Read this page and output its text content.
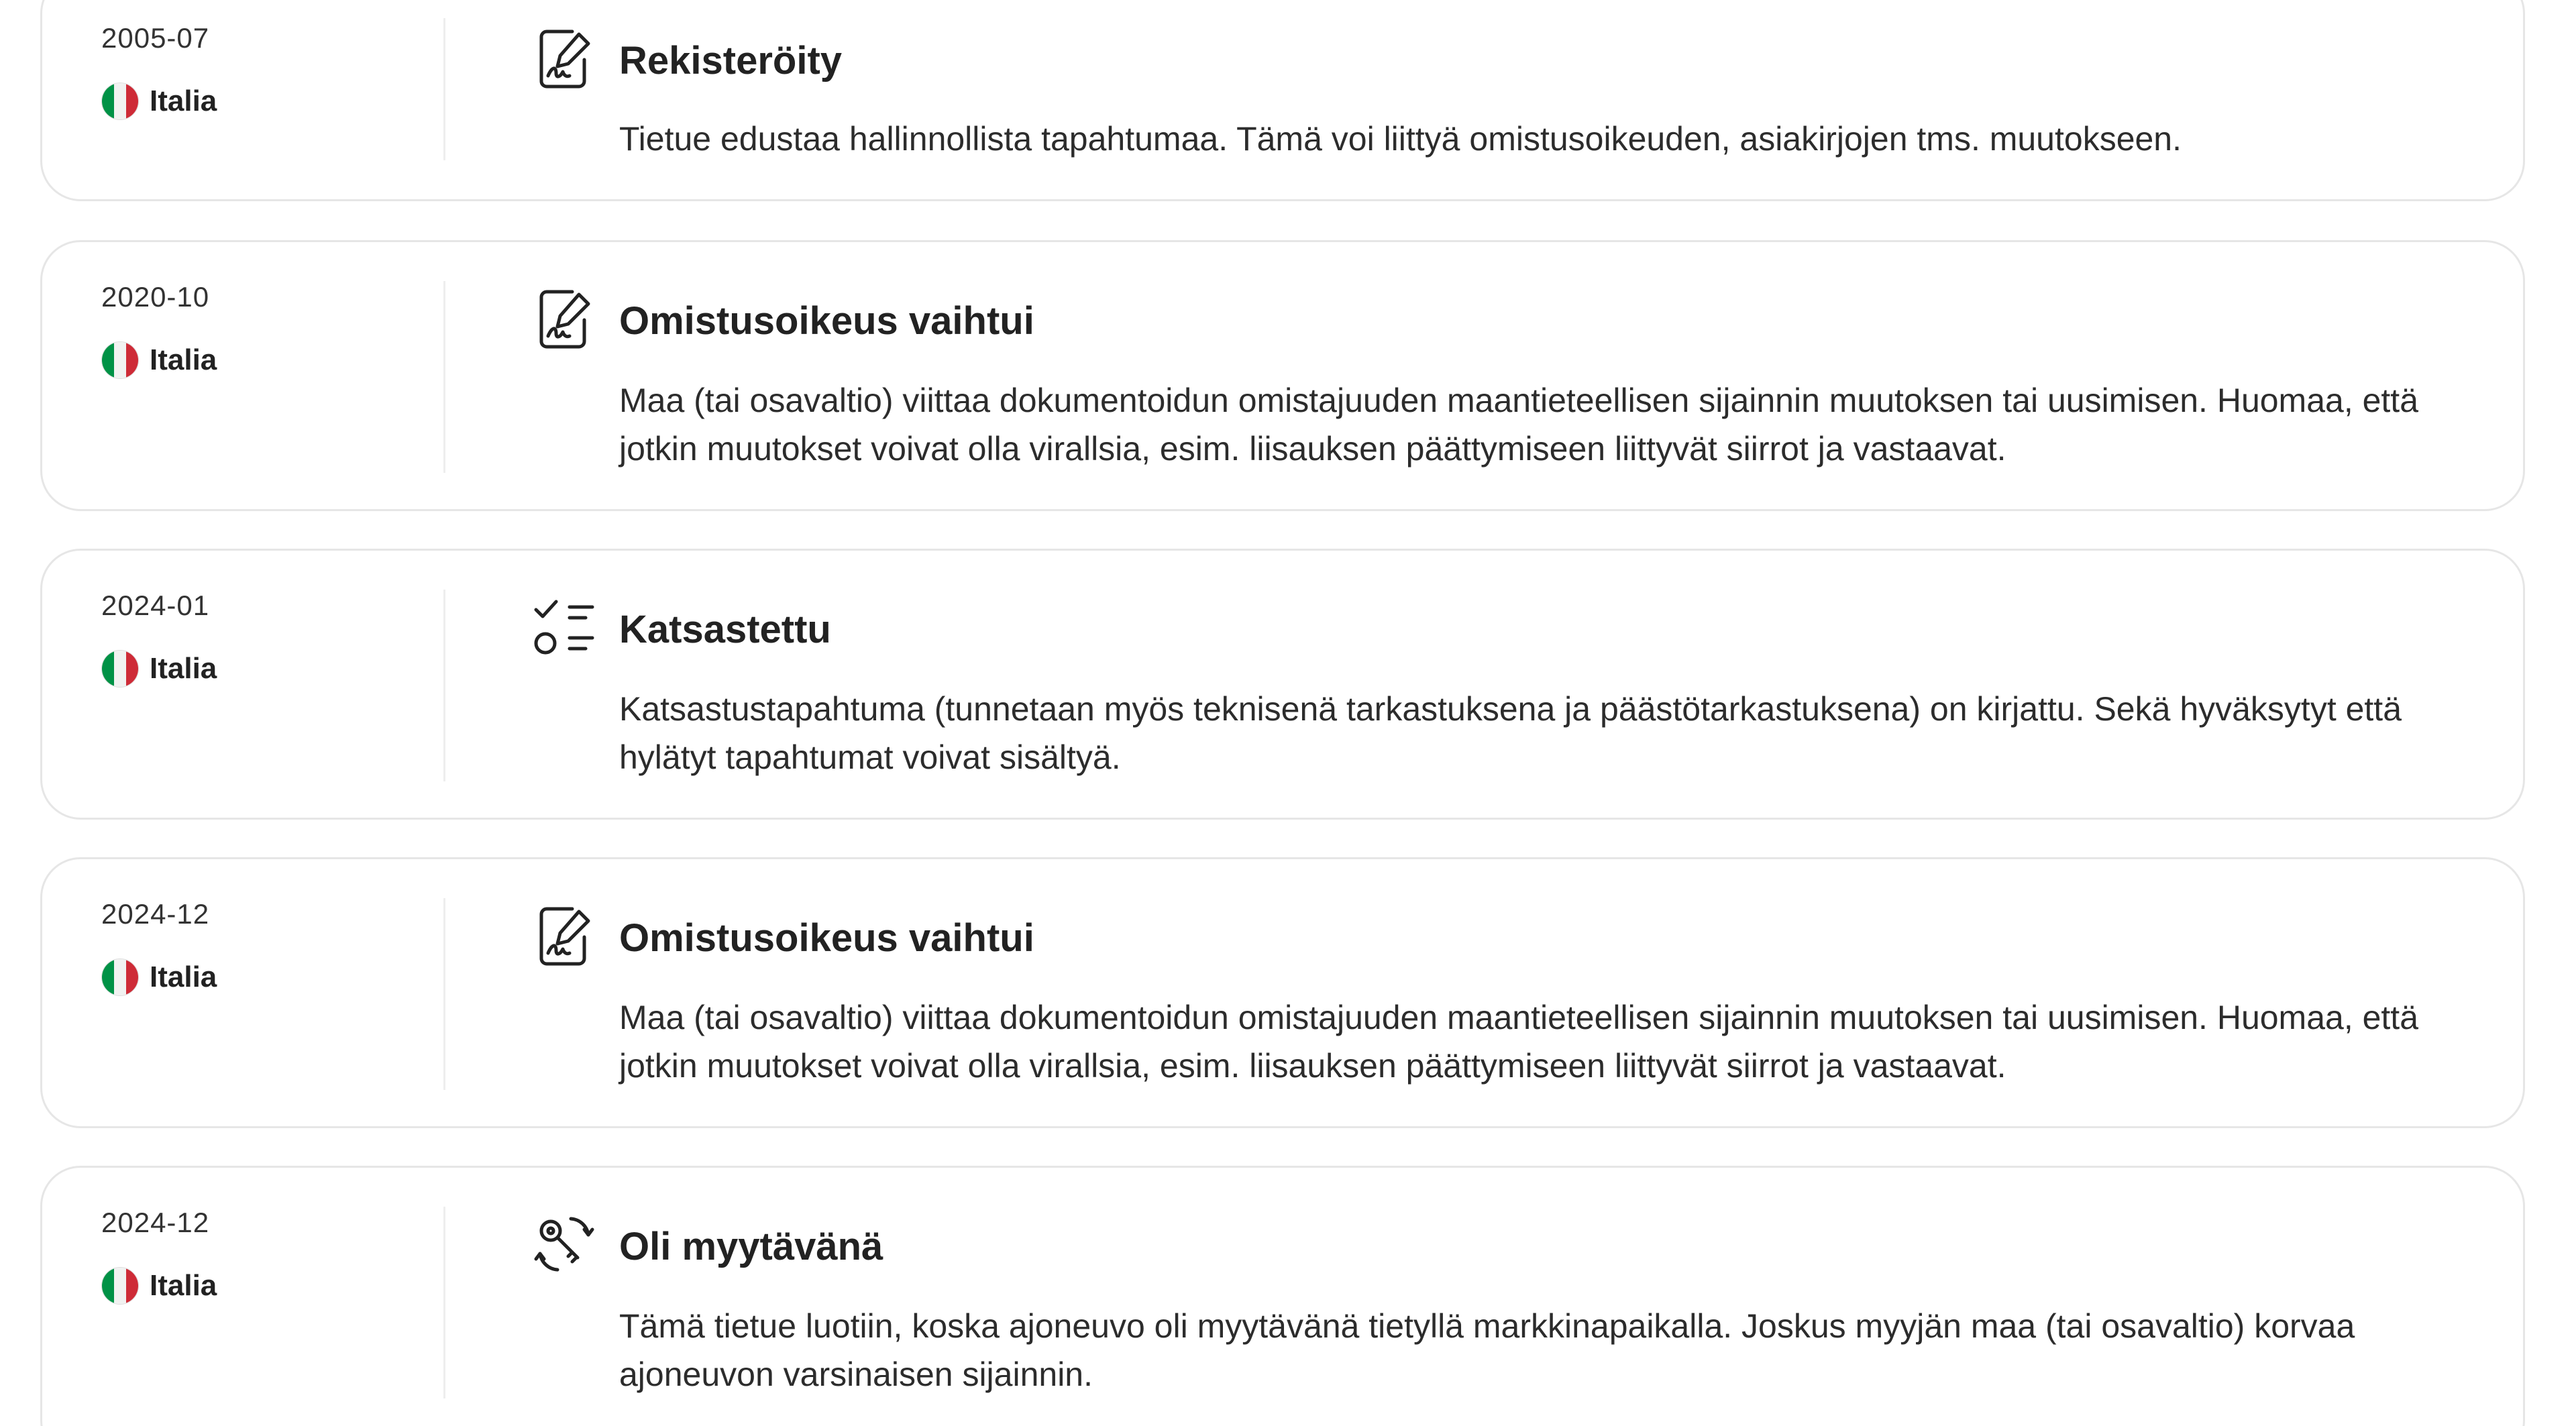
2005-07
Italia
Rekisteröity
Tietue edustaa hallinnollista tapahtumaa. Tämä voi liittyä omistusoikeuden, asiakirjojen tms. muutokseen.
2020-10
Italia
Omistusoikeus vaihtui
Maa (tai osavaltio) viittaa dokumentoidun omistajuuden maantieteellisen sijainnin muutoksen tai uusimisen. Huomaa, että jotkin muutokset voivat olla virallsia, esim. liisauksen päättymiseen liittyvät siirrot ja vastaavat.
2024-01
Italia
Katsastettu
Katsastustapahtuma (tunnetaan myös teknisenä tarkastuksena ja päästötarkastuksena) on kirjattu. Sekä hyväksytyt että hylätyt tapahtumat voivat sisältyä.
2024-12
Italia
Omistusoikeus vaihtui
Maa (tai osavaltio) viittaa dokumentoidun omistajuuden maantieteellisen sijainnin muutoksen tai uusimisen. Huomaa, että jotkin muutokset voivat olla virallsia, esim. liisauksen päättymiseen liittyvät siirrot ja vastaavat.
2024-12
Italia
Oli myytävänä
Tämä tietue luotiin, koska ajoneuvo oli myytävänä tietyllä markkinapaikalla. Joskus myyjän maa (tai osavaltio) korvaa ajoneuvon varsinaisen sijainnin.
